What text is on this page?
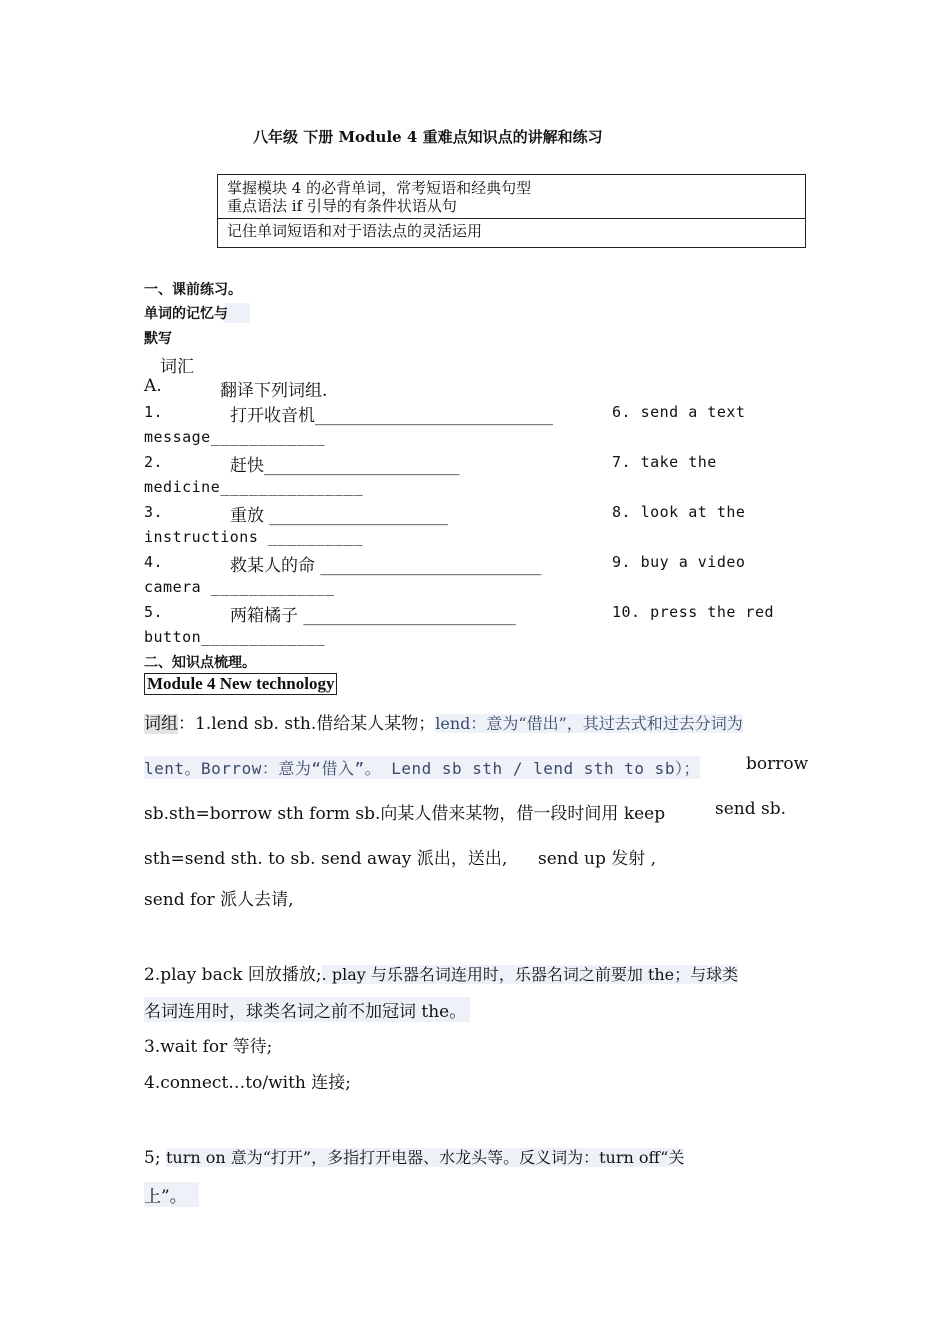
八年级 下册 Module 4 重难点知识点的讲解和练习
掌握模块 4 的必背单词，常考短语和经典句型
重点语法 if 引导的有条件状语从句
记住单词短语和对于语法点的灵活运用
一、课前练习。
单词的记忆与
默写
词汇
A.	翻译下列词组.
1.	打开收音机____________________________	6. send a text
message____________
2.	赶快_______________________	7. take the
medicine_______________
3.	重放 _____________________	8. look at the
instructions __________
4.	救某人的命 __________________________	9. buy a video
camera _____________
5.	两箱橘子 _________________________	10. press the red
button_____________
二、知识点梳理。
Module 4 New technology
词组：1.lend sb. sth.借给某人某物；lend：意为“借出”，其过去式和过去分词为
lent。Borrow：意为“借入”。 Lend sb sth / lend sth to sb）；	borrow
sb.sth=borrow sth form sb.向某人借来某物，借一段时间用 keep	send sb.
sth=send sth. to sb. send away 派出，送出, send up 发射 ,
send for 派人去请,
2.play back 回放播放;. play 与乐器名词连用时，乐器名词之前要加 the；与球类
名词连用时，球类名词之前不加冠词 the。
3.wait for 等待;
4.connect…to/with 连接;
5; turn on 意为“打开”，多指打开电器、水龙头等。反义词为：turn off“关
上”。
